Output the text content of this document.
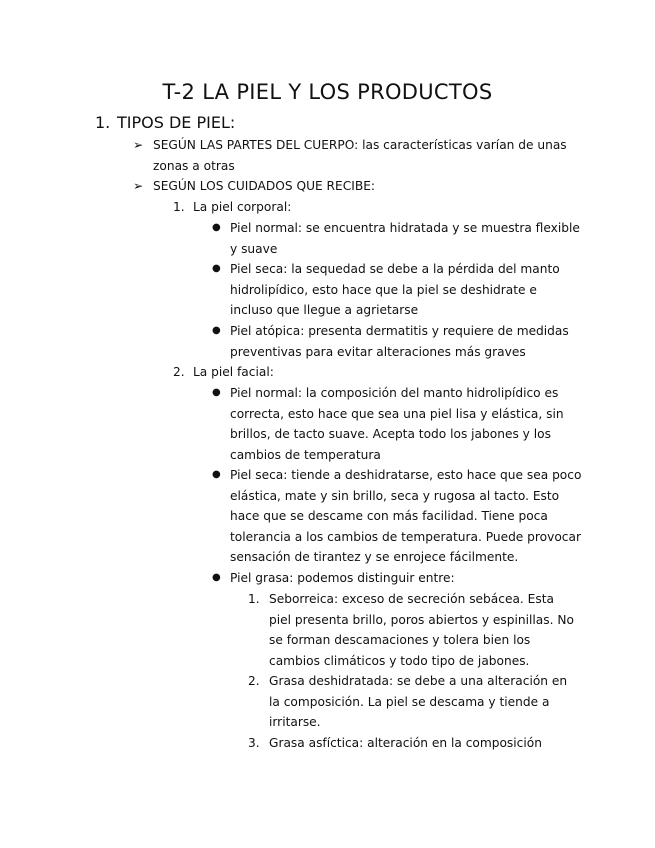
T-2 LA PIEL Y LOS PRODUCTOS
1. TIPOS DE PIEL:
➢ SEGÚN LAS PARTES DEL CUERPO: las características varían de unas zonas a otras
➢ SEGÚN LOS CUIDADOS QUE RECIBE:
1. La piel corporal:
● Piel normal: se encuentra hidratada y se muestra flexible y suave
● Piel seca: la sequedad se debe a la pérdida del manto hidrolipídico, esto hace que la piel se deshidrate e incluso que llegue a agrietarse
● Piel atópica: presenta dermatitis y requiere de medidas preventivas para evitar alteraciones más graves
2. La piel facial:
● Piel normal: la composición del manto hidrolipídico es correcta, esto hace que sea una piel lisa y elástica, sin brillos, de tacto suave. Acepta todo los jabones y los cambios de temperatura
● Piel seca: tiende a deshidratarse, esto hace que sea poco elástica, mate y sin brillo, seca y rugosa al tacto. Esto hace que se descame con más facilidad. Tiene poca tolerancia a los cambios de temperatura. Puede provocar sensación de tirantez y se enrojece fácilmente.
● Piel grasa: podemos distinguir entre:
1. Seborreica: exceso de secreción sebácea. Esta piel presenta brillo, poros abiertos y espinillas. No se forman descamaciones y tolera bien los cambios climáticos y todo tipo de jabones.
2. Grasa deshidratada: se debe a una alteración en la composición. La piel se descama y tiende a irritarse.
3. Grasa asfíctica: alteración en la composición
